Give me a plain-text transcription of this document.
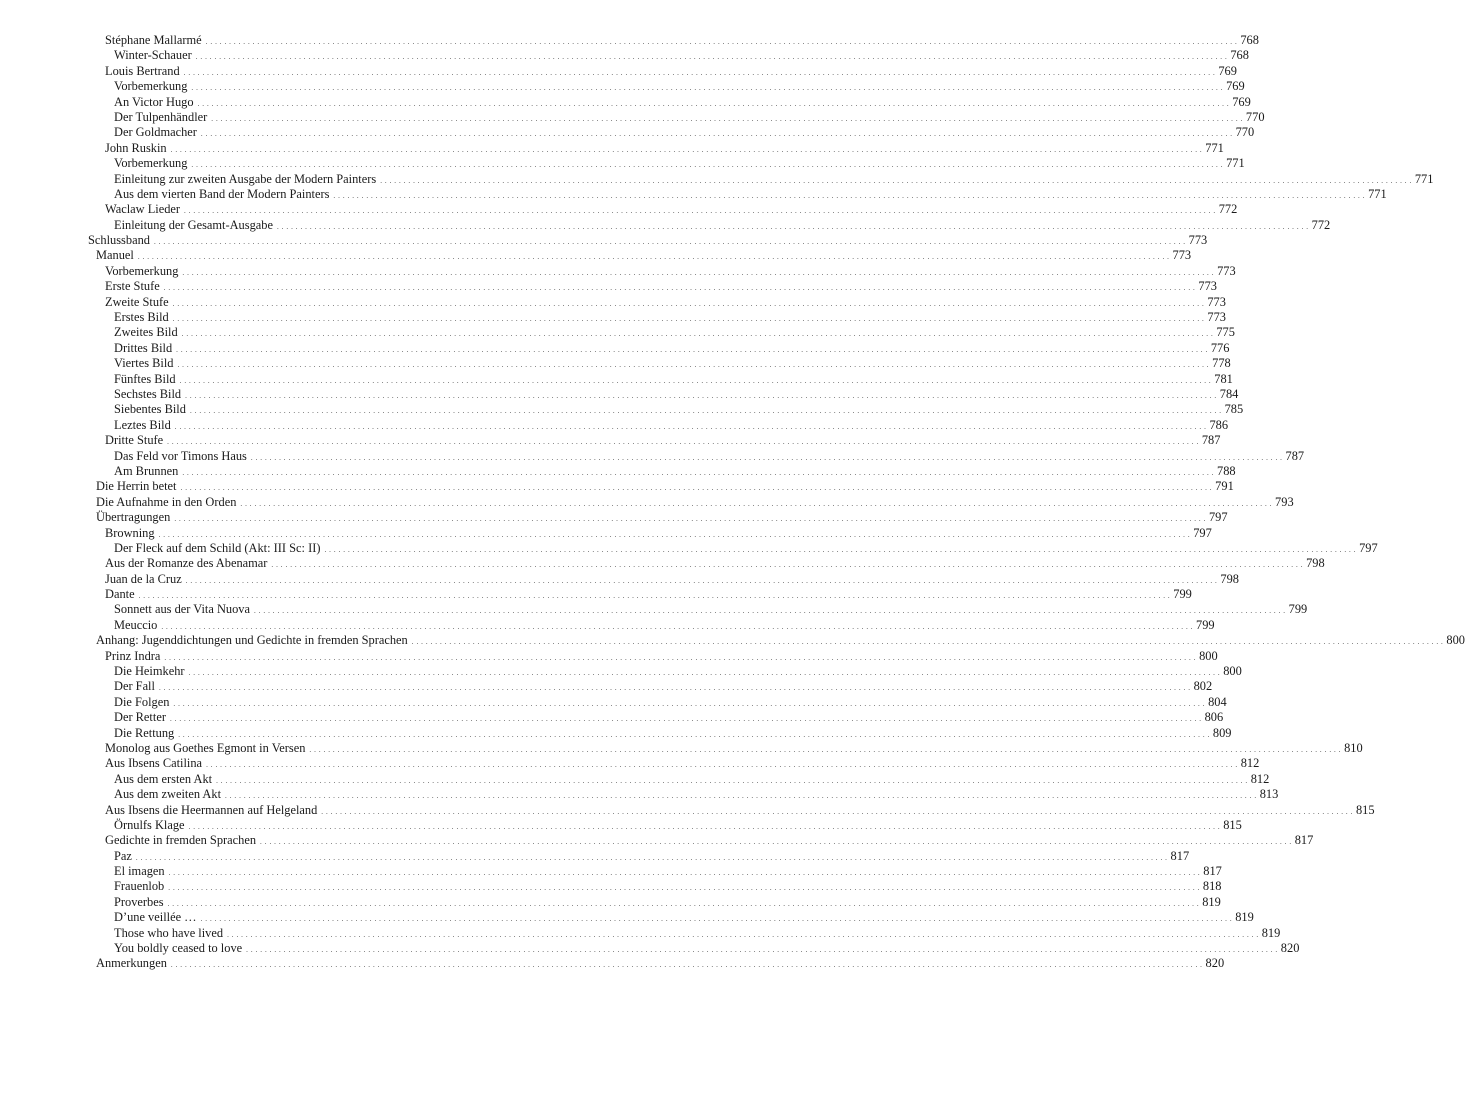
Stéphane Mallarmé . . . . . . . . . . . . . . . . . . . . . . . . . . . . . . . . . . . . . . . . . . . . . . . . . . . . . . . . . . . . . . . . . . . . . . . . . . . . . . . . . . . . . . . . . . . . . . . . . . . . . . . . . . . . . . . . . . . . . . . . . . . . . . . . . . . . . . . . . . . . . . . . . . . . . . . . . . . . . . . . . . . . . . . . . . . . . . . . . . . . . . . . . . . . . . . . . . . . . . . . . . . . . . . . . . . . . . . . . . . . 768
Winter-Schauer . . . . . . . . . . . . . . . . . . . . . . . . . . . . . . . . . . . . . . . . . . . . . . . . . . . . . . . . . . . . . . . . . . . . . . . . . . . . . . . . . . . . . . . . . . . . . . . . . . . . . . . . . . . . . . . . . . . . . . . . . . . . . . . . . . . . . . . . . . . . . . . . . . . . . . . . . . . . . . . . . . . . . . . . . . . . . . . . . . . . . . . . . . . . . . . . . . . . . . . . . . . . . . . . . . . . . . . . . . . . 768
Louis Bertrand . . . . . . . . . . . . . . . . . . . . . . . . . . . . . . . . . . . . . . . . . . . . . . . . . . . . . . . . . . . . . . . . . . . . . . . . . . . . . . . . . . . . . . . . . . . . . . . . . . . . . . . . . . . . . . . . . . . . . . . . . . . . . . . . . . . . . . . . . . . . . . . . . . . . . . . . . . . . . . . . . . . . . . . . . . . . . . . . . . . . . . . . . . . . . . . . . . . . . . . . . . . . . . . . . . . . . . . . . . . . 769
Vorbemerkung . . . . . . . . . . . . . . . . . . . . . . . . . . . . . . . . . . . . . . . . . . . . . . . . . . . . . . . . . . . . . . . . . . . . . . . . . . . . . . . . . . . . . . . . . . . . . . . . . . . . . . . . . . . . . . . . . . . . . . . . . . . . . . . . . . . . . . . . . . . . . . . . . . . . . . . . . . . . . . . . . . . . . . . . . . . . . . . . . . . . . . . . . . . . . . . . . . . . . . . . . . . . . . . . . . . . . . . . . . . . 769
An Victor Hugo . . . . . . . . . . . . . . . . . . . . . . . . . . . . . . . . . . . . . . . . . . . . . . . . . . . . . . . . . . . . . . . . . . . . . . . . . . . . . . . . . . . . . . . . . . . . . . . . . . . . . . . . . . . . . . . . . . . . . . . . . . . . . . . . . . . . . . . . . . . . . . . . . . . . . . . . . . . . . . . . . . . . . . . . . . . . . . . . . . . . . . . . . . . . . . . . . . . . . . . . . . . . . . . . . . . . . . . . . . . . 769
Der Tulpenhändler . . . . . . . . . . . . . . . . . . . . . . . . . . . . . . . . . . . . . . . . . . . . . . . . . . . . . . . . . . . . . . . . . . . . . . . . . . . . . . . . . . . . . . . . . . . . . . . . . . . . . . . . . . . . . . . . . . . . . . . . . . . . . . . . . . . . . . . . . . . . . . . . . . . . . . . . . . . . . . . . . . . . . . . . . . . . . . . . . . . . . . . . . . . . . . . . . . . . . . . . . . . . . . . . . . . . . . . . . . . . 770
Der Goldmacher . . . . . . . . . . . . . . . . . . . . . . . . . . . . . . . . . . . . . . . . . . . . . . . . . . . . . . . . . . . . . . . . . . . . . . . . . . . . . . . . . . . . . . . . . . . . . . . . . . . . . . . . . . . . . . . . . . . . . . . . . . . . . . . . . . . . . . . . . . . . . . . . . . . . . . . . . . . . . . . . . . . . . . . . . . . . . . . . . . . . . . . . . . . . . . . . . . . . . . . . . . . . . . . . . . . . . . . . . . . . 770
John Ruskin . . . . . . . . . . . . . . . . . . . . . . . . . . . . . . . . . . . . . . . . . . . . . . . . . . . . . . . . . . . . . . . . . . . . . . . . . . . . . . . . . . . . . . . . . . . . . . . . . . . . . . . . . . . . . . . . . . . . . . . . . . . . . . . . . . . . . . . . . . . . . . . . . . . . . . . . . . . . . . . . . . . . . . . . . . . . . . . . . . . . . . . . . . . . . . . . . . . . . . . . . . . . . . . . . . . . . . . . . . . . 771
Vorbemerkung . . . . . . . . . . . . . . . . . . . . . . . . . . . . . . . . . . . . . . . . . . . . . . . . . . . . . . . . . . . . . . . . . . . . . . . . . . . . . . . . . . . . . . . . . . . . . . . . . . . . . . . . . . . . . . . . . . . . . . . . . . . . . . . . . . . . . . . . . . . . . . . . . . . . . . . . . . . . . . . . . . . . . . . . . . . . . . . . . . . . . . . . . . . . . . . . . . . . . . . . . . . . . . . . . . . . . . . . . . . . 771
Einleitung zur zweiten Ausgabe der Modern Painters . . . . . . . . . . . . . . . . . . . . . . . . . . . . . . . . . . . . . . . . . . . . . . . . . . . . . . . . . . . . . . . . . . . . . . . . . . . . . . . . . . . . . . . . . . . . . . . . . . . . . . . . . . . . . . . . . . . . . . . . . . . . . . . . . . . . . . . . . . . . . . . . . . . . . . . . . . . . . . . . . . . . . . . . . . . . . . . . . . . . . . . . . . . . . . . . . . . . . . . . . . . . . . . . . . . . . . . . . . . . 771
Aus dem vierten Band der Modern Painters . . . . . . . . . . . . . . . . . . . . . . . . . . . . . . . . . . . . . . . . . . . . . . . . . . . . . . . . . . . . . . . . . . . . . . . . . . . . . . . . . . . . . . . . . . . . . . . . . . . . . . . . . . . . . . . . . . . . . . . . . . . . . . . . . . . . . . . . . . . . . . . . . . . . . . . . . . . . . . . . . . . . . . . . . . . . . . . . . . . . . . . . . . . . . . . . . . . . . . . . . . . . . . . . . . . . . . . . . . . . 771
Waclaw Lieder . . . . . . . . . . . . . . . . . . . . . . . . . . . . . . . . . . . . . . . . . . . . . . . . . . . . . . . . . . . . . . . . . . . . . . . . . . . . . . . . . . . . . . . . . . . . . . . . . . . . . . . . . . . . . . . . . . . . . . . . . . . . . . . . . . . . . . . . . . . . . . . . . . . . . . . . . . . . . . . . . . . . . . . . . . . . . . . . . . . . . . . . . . . . . . . . . . . . . . . . . . . . . . . . . . . . . . . . . . . . 772
Einleitung der Gesamt-Ausgabe . . . . . . . . . . . . . . . . . . . . . . . . . . . . . . . . . . . . . . . . . . . . . . . . . . . . . . . . . . . . . . . . . . . . . . . . . . . . . . . . . . . . . . . . . . . . . . . . . . . . . . . . . . . . . . . . . . . . . . . . . . . . . . . . . . . . . . . . . . . . . . . . . . . . . . . . . . . . . . . . . . . . . . . . . . . . . . . . . . . . . . . . . . . . . . . . . . . . . . . . . . . . . . . . . . . . . . . . . . . . 772
Schlussband . . . . . . . . . . . . . . . . . . . . . . . . . . . . . . . . . . . . . . . . . . . . . . . . . . . . . . . . . . . . . . . . . . . . . . . . . . . . . . . . . . . . . . . . . . . . . . . . . . . . . . . . . . . . . . . . . . . . . . . . . . . . . . . . . . . . . . . . . . . . . . . . . . . . . . . . . . . . . . . . . . . . . . . . . . . . . . . . . . . . . . . . . . . . . . . . . . . . . . . . . . . . . . . . . . . . . . . . . . . . 773
Manuel . . . . . . . . . . . . . . . . . . . . . . . . . . . . . . . . . . . . . . . . . . . . . . . . . . . . . . . . . . . . . . . . . . . . . . . . . . . . . . . . . . . . . . . . . . . . . . . . . . . . . . . . . . . . . . . . . . . . . . . . . . . . . . . . . . . . . . . . . . . . . . . . . . . . . . . . . . . . . . . . . . . . . . . . . . . . . . . . . . . . . . . . . . . . . . . . . . . . . . . . . . . . . . . . . . . . . . . . . . . . 773
Vorbemerkung . . . . . . . . . . . . . . . . . . . . . . . . . . . . . . . . . . . . . . . . . . . . . . . . . . . . . . . . . . . . . . . . . . . . . . . . . . . . . . . . . . . . . . . . . . . . . . . . . . . . . . . . . . . . . . . . . . . . . . . . . . . . . . . . . . . . . . . . . . . . . . . . . . . . . . . . . . . . . . . . . . . . . . . . . . . . . . . . . . . . . . . . . . . . . . . . . . . . . . . . . . . . . . . . . . . . . . . . . . . . 773
Erste Stufe . . . . . . . . . . . . . . . . . . . . . . . . . . . . . . . . . . . . . . . . . . . . . . . . . . . . . . . . . . . . . . . . . . . . . . . . . . . . . . . . . . . . . . . . . . . . . . . . . . . . . . . . . . . . . . . . . . . . . . . . . . . . . . . . . . . . . . . . . . . . . . . . . . . . . . . . . . . . . . . . . . . . . . . . . . . . . . . . . . . . . . . . . . . . . . . . . . . . . . . . . . . . . . . . . . . . . . . . . . . . 773
Zweite Stufe . . . . . . . . . . . . . . . . . . . . . . . . . . . . . . . . . . . . . . . . . . . . . . . . . . . . . . . . . . . . . . . . . . . . . . . . . . . . . . . . . . . . . . . . . . . . . . . . . . . . . . . . . . . . . . . . . . . . . . . . . . . . . . . . . . . . . . . . . . . . . . . . . . . . . . . . . . . . . . . . . . . . . . . . . . . . . . . . . . . . . . . . . . . . . . . . . . . . . . . . . . . . . . . . . . . . . . . . . . . . 773
Erstes Bild . . . . . . . . . . . . . . . . . . . . . . . . . . . . . . . . . . . . . . . . . . . . . . . . . . . . . . . . . . . . . . . . . . . . . . . . . . . . . . . . . . . . . . . . . . . . . . . . . . . . . . . . . . . . . . . . . . . . . . . . . . . . . . . . . . . . . . . . . . . . . . . . . . . . . . . . . . . . . . . . . . . . . . . . . . . . . . . . . . . . . . . . . . . . . . . . . . . . . . . . . . . . . . . . . . . . . . . . . . . . 773
Zweites Bild . . . . . . . . . . . . . . . . . . . . . . . . . . . . . . . . . . . . . . . . . . . . . . . . . . . . . . . . . . . . . . . . . . . . . . . . . . . . . . . . . . . . . . . . . . . . . . . . . . . . . . . . . . . . . . . . . . . . . . . . . . . . . . . . . . . . . . . . . . . . . . . . . . . . . . . . . . . . . . . . . . . . . . . . . . . . . . . . . . . . . . . . . . . . . . . . . . . . . . . . . . . . . . . . . . . . . . . . . . . . 775
Drittes Bild . . . . . . . . . . . . . . . . . . . . . . . . . . . . . . . . . . . . . . . . . . . . . . . . . . . . . . . . . . . . . . . . . . . . . . . . . . . . . . . . . . . . . . . . . . . . . . . . . . . . . . . . . . . . . . . . . . . . . . . . . . . . . . . . . . . . . . . . . . . . . . . . . . . . . . . . . . . . . . . . . . . . . . . . . . . . . . . . . . . . . . . . . . . . . . . . . . . . . . . . . . . . . . . . . . . . . . . . . . . . 776
Viertes Bild . . . . . . . . . . . . . . . . . . . . . . . . . . . . . . . . . . . . . . . . . . . . . . . . . . . . . . . . . . . . . . . . . . . . . . . . . . . . . . . . . . . . . . . . . . . . . . . . . . . . . . . . . . . . . . . . . . . . . . . . . . . . . . . . . . . . . . . . . . . . . . . . . . . . . . . . . . . . . . . . . . . . . . . . . . . . . . . . . . . . . . . . . . . . . . . . . . . . . . . . . . . . . . . . . . . . . . . . . . . . 778
Fünftes Bild . . . . . . . . . . . . . . . . . . . . . . . . . . . . . . . . . . . . . . . . . . . . . . . . . . . . . . . . . . . . . . . . . . . . . . . . . . . . . . . . . . . . . . . . . . . . . . . . . . . . . . . . . . . . . . . . . . . . . . . . . . . . . . . . . . . . . . . . . . . . . . . . . . . . . . . . . . . . . . . . . . . . . . . . . . . . . . . . . . . . . . . . . . . . . . . . . . . . . . . . . . . . . . . . . . . . . . . . . . . . 781
Sechstes Bild . . . . . . . . . . . . . . . . . . . . . . . . . . . . . . . . . . . . . . . . . . . . . . . . . . . . . . . . . . . . . . . . . . . . . . . . . . . . . . . . . . . . . . . . . . . . . . . . . . . . . . . . . . . . . . . . . . . . . . . . . . . . . . . . . . . . . . . . . . . . . . . . . . . . . . . . . . . . . . . . . . . . . . . . . . . . . . . . . . . . . . . . . . . . . . . . . . . . . . . . . . . . . . . . . . . . . . . . . . . . 784
Siebentes Bild . . . . . . . . . . . . . . . . . . . . . . . . . . . . . . . . . . . . . . . . . . . . . . . . . . . . . . . . . . . . . . . . . . . . . . . . . . . . . . . . . . . . . . . . . . . . . . . . . . . . . . . . . . . . . . . . . . . . . . . . . . . . . . . . . . . . . . . . . . . . . . . . . . . . . . . . . . . . . . . . . . . . . . . . . . . . . . . . . . . . . . . . . . . . . . . . . . . . . . . . . . . . . . . . . . . . . . . . . . . . 785
Leztes Bild . . . . . . . . . . . . . . . . . . . . . . . . . . . . . . . . . . . . . . . . . . . . . . . . . . . . . . . . . . . . . . . . . . . . . . . . . . . . . . . . . . . . . . . . . . . . . . . . . . . . . . . . . . . . . . . . . . . . . . . . . . . . . . . . . . . . . . . . . . . . . . . . . . . . . . . . . . . . . . . . . . . . . . . . . . . . . . . . . . . . . . . . . . . . . . . . . . . . . . . . . . . . . . . . . . . . . . . . . . . . 786
Dritte Stufe . . . . . . . . . . . . . . . . . . . . . . . . . . . . . . . . . . . . . . . . . . . . . . . . . . . . . . . . . . . . . . . . . . . . . . . . . . . . . . . . . . . . . . . . . . . . . . . . . . . . . . . . . . . . . . . . . . . . . . . . . . . . . . . . . . . . . . . . . . . . . . . . . . . . . . . . . . . . . . . . . . . . . . . . . . . . . . . . . . . . . . . . . . . . . . . . . . . . . . . . . . . . . . . . . . . . . . . . . . . . 787
Das Feld vor Timons Haus . . . . . . . . . . . . . . . . . . . . . . . . . . . . . . . . . . . . . . . . . . . . . . . . . . . . . . . . . . . . . . . . . . . . . . . . . . . . . . . . . . . . . . . . . . . . . . . . . . . . . . . . . . . . . . . . . . . . . . . . . . . . . . . . . . . . . . . . . . . . . . . . . . . . . . . . . . . . . . . . . . . . . . . . . . . . . . . . . . . . . . . . . . . . . . . . . . . . . . . . . . . . . . . . . . . . . . . . . . . . 787
Am Brunnen . . . . . . . . . . . . . . . . . . . . . . . . . . . . . . . . . . . . . . . . . . . . . . . . . . . . . . . . . . . . . . . . . . . . . . . . . . . . . . . . . . . . . . . . . . . . . . . . . . . . . . . . . . . . . . . . . . . . . . . . . . . . . . . . . . . . . . . . . . . . . . . . . . . . . . . . . . . . . . . . . . . . . . . . . . . . . . . . . . . . . . . . . . . . . . . . . . . . . . . . . . . . . . . . . . . . . . . . . . . . 788
Die Herrin betet . . . . . . . . . . . . . . . . . . . . . . . . . . . . . . . . . . . . . . . . . . . . . . . . . . . . . . . . . . . . . . . . . . . . . . . . . . . . . . . . . . . . . . . . . . . . . . . . . . . . . . . . . . . . . . . . . . . . . . . . . . . . . . . . . . . . . . . . . . . . . . . . . . . . . . . . . . . . . . . . . . . . . . . . . . . . . . . . . . . . . . . . . . . . . . . . . . . . . . . . . . . . . . . . . . . . . . . . . . . . 791
Die Aufnahme in den Orden . . . . . . . . . . . . . . . . . . . . . . . . . . . . . . . . . . . . . . . . . . . . . . . . . . . . . . . . . . . . . . . . . . . . . . . . . . . . . . . . . . . . . . . . . . . . . . . . . . . . . . . . . . . . . . . . . . . . . . . . . . . . . . . . . . . . . . . . . . . . . . . . . . . . . . . . . . . . . . . . . . . . . . . . . . . . . . . . . . . . . . . . . . . . . . . . . . . . . . . . . . . . . . . . . . . . . . . . . . . . 793
Übertragungen . . . . . . . . . . . . . . . . . . . . . . . . . . . . . . . . . . . . . . . . . . . . . . . . . . . . . . . . . . . . . . . . . . . . . . . . . . . . . . . . . . . . . . . . . . . . . . . . . . . . . . . . . . . . . . . . . . . . . . . . . . . . . . . . . . . . . . . . . . . . . . . . . . . . . . . . . . . . . . . . . . . . . . . . . . . . . . . . . . . . . . . . . . . . . . . . . . . . . . . . . . . . . . . . . . . . . . . . . . . . 797
Browning . . . . . . . . . . . . . . . . . . . . . . . . . . . . . . . . . . . . . . . . . . . . . . . . . . . . . . . . . . . . . . . . . . . . . . . . . . . . . . . . . . . . . . . . . . . . . . . . . . . . . . . . . . . . . . . . . . . . . . . . . . . . . . . . . . . . . . . . . . . . . . . . . . . . . . . . . . . . . . . . . . . . . . . . . . . . . . . . . . . . . . . . . . . . . . . . . . . . . . . . . . . . . . . . . . . . . . . . . . . . 797
Der Fleck auf dem Schild (Akt: III Sc: II) . . . . . . . . . . . . . . . . . . . . . . . . . . . . . . . . . . . . . . . . . . . . . . . . . . . . . . . . . . . . . . . . . . . . . . . . . . . . . . . . . . . . . . . . . . . . . . . . . . . . . . . . . . . . . . . . . . . . . . . . . . . . . . . . . . . . . . . . . . . . . . . . . . . . . . . . . . . . . . . . . . . . . . . . . . . . . . . . . . . . . . . . . . . . . . . . . . . . . . . . . . . . . . . . . . . . . . . . . . . . 797
Aus der Romanze des Abenamar . . . . . . . . . . . . . . . . . . . . . . . . . . . . . . . . . . . . . . . . . . . . . . . . . . . . . . . . . . . . . . . . . . . . . . . . . . . . . . . . . . . . . . . . . . . . . . . . . . . . . . . . . . . . . . . . . . . . . . . . . . . . . . . . . . . . . . . . . . . . . . . . . . . . . . . . . . . . . . . . . . . . . . . . . . . . . . . . . . . . . . . . . . . . . . . . . . . . . . . . . . . . . . . . . . . . . . . . . . . . 798
Juan de la Cruz . . . . . . . . . . . . . . . . . . . . . . . . . . . . . . . . . . . . . . . . . . . . . . . . . . . . . . . . . . . . . . . . . . . . . . . . . . . . . . . . . . . . . . . . . . . . . . . . . . . . . . . . . . . . . . . . . . . . . . . . . . . . . . . . . . . . . . . . . . . . . . . . . . . . . . . . . . . . . . . . . . . . . . . . . . . . . . . . . . . . . . . . . . . . . . . . . . . . . . . . . . . . . . . . . . . . . . . . . . . . 798
Dante . . . . . . . . . . . . . . . . . . . . . . . . . . . . . . . . . . . . . . . . . . . . . . . . . . . . . . . . . . . . . . . . . . . . . . . . . . . . . . . . . . . . . . . . . . . . . . . . . . . . . . . . . . . . . . . . . . . . . . . . . . . . . . . . . . . . . . . . . . . . . . . . . . . . . . . . . . . . . . . . . . . . . . . . . . . . . . . . . . . . . . . . . . . . . . . . . . . . . . . . . . . . . . . . . . . . . . . . . . . . 799
Sonnett aus der Vita Nuova . . . . . . . . . . . . . . . . . . . . . . . . . . . . . . . . . . . . . . . . . . . . . . . . . . . . . . . . . . . . . . . . . . . . . . . . . . . . . . . . . . . . . . . . . . . . . . . . . . . . . . . . . . . . . . . . . . . . . . . . . . . . . . . . . . . . . . . . . . . . . . . . . . . . . . . . . . . . . . . . . . . . . . . . . . . . . . . . . . . . . . . . . . . . . . . . . . . . . . . . . . . . . . . . . . . . . . . . . . . . 799
Meuccio . . . . . . . . . . . . . . . . . . . . . . . . . . . . . . . . . . . . . . . . . . . . . . . . . . . . . . . . . . . . . . . . . . . . . . . . . . . . . . . . . . . . . . . . . . . . . . . . . . . . . . . . . . . . . . . . . . . . . . . . . . . . . . . . . . . . . . . . . . . . . . . . . . . . . . . . . . . . . . . . . . . . . . . . . . . . . . . . . . . . . . . . . . . . . . . . . . . . . . . . . . . . . . . . . . . . . . . . . . . . 799
Anhang: Jugenddichtungen und Gedichte in fremden Sprachen . . . . . . . . . . . . . . . . . . . . . . . . . . . . . . . . . . . . . . . . . . . . . . . . . . . . . . . . . . . . . . . . . . . . . . . . . . . . . . . . . . . . . . . . . . . . . . . . . . . . . . . . . . . . . . . . . . . . . . . . . . . . . . . . . . . . . . . . . . . . . . . . . . . . . . . . . . . . . . . . . . . . . . . . . . . . . . . . . . . . . . . . . . . . . . . . . . . . . . . . . . . . . . . . . . . . . . . . . . . . 800
Prinz Indra . . . . . . . . . . . . . . . . . . . . . . . . . . . . . . . . . . . . . . . . . . . . . . . . . . . . . . . . . . . . . . . . . . . . . . . . . . . . . . . . . . . . . . . . . . . . . . . . . . . . . . . . . . . . . . . . . . . . . . . . . . . . . . . . . . . . . . . . . . . . . . . . . . . . . . . . . . . . . . . . . . . . . . . . . . . . . . . . . . . . . . . . . . . . . . . . . . . . . . . . . . . . . . . . . . . . . . . . . . . . 800
Die Heimkehr . . . . . . . . . . . . . . . . . . . . . . . . . . . . . . . . . . . . . . . . . . . . . . . . . . . . . . . . . . . . . . . . . . . . . . . . . . . . . . . . . . . . . . . . . . . . . . . . . . . . . . . . . . . . . . . . . . . . . . . . . . . . . . . . . . . . . . . . . . . . . . . . . . . . . . . . . . . . . . . . . . . . . . . . . . . . . . . . . . . . . . . . . . . . . . . . . . . . . . . . . . . . . . . . . . . . . . . . . . . . 800
Der Fall . . . . . . . . . . . . . . . . . . . . . . . . . . . . . . . . . . . . . . . . . . . . . . . . . . . . . . . . . . . . . . . . . . . . . . . . . . . . . . . . . . . . . . . . . . . . . . . . . . . . . . . . . . . . . . . . . . . . . . . . . . . . . . . . . . . . . . . . . . . . . . . . . . . . . . . . . . . . . . . . . . . . . . . . . . . . . . . . . . . . . . . . . . . . . . . . . . . . . . . . . . . . . . . . . . . . . . . . . . . . 802
Die Folgen . . . . . . . . . . . . . . . . . . . . . . . . . . . . . . . . . . . . . . . . . . . . . . . . . . . . . . . . . . . . . . . . . . . . . . . . . . . . . . . . . . . . . . . . . . . . . . . . . . . . . . . . . . . . . . . . . . . . . . . . . . . . . . . . . . . . . . . . . . . . . . . . . . . . . . . . . . . . . . . . . . . . . . . . . . . . . . . . . . . . . . . . . . . . . . . . . . . . . . . . . . . . . . . . . . . . . . . . . . . . 804
Der Retter . . . . . . . . . . . . . . . . . . . . . . . . . . . . . . . . . . . . . . . . . . . . . . . . . . . . . . . . . . . . . . . . . . . . . . . . . . . . . . . . . . . . . . . . . . . . . . . . . . . . . . . . . . . . . . . . . . . . . . . . . . . . . . . . . . . . . . . . . . . . . . . . . . . . . . . . . . . . . . . . . . . . . . . . . . . . . . . . . . . . . . . . . . . . . . . . . . . . . . . . . . . . . . . . . . . . . . . . . . . . 806
Die Rettung . . . . . . . . . . . . . . . . . . . . . . . . . . . . . . . . . . . . . . . . . . . . . . . . . . . . . . . . . . . . . . . . . . . . . . . . . . . . . . . . . . . . . . . . . . . . . . . . . . . . . . . . . . . . . . . . . . . . . . . . . . . . . . . . . . . . . . . . . . . . . . . . . . . . . . . . . . . . . . . . . . . . . . . . . . . . . . . . . . . . . . . . . . . . . . . . . . . . . . . . . . . . . . . . . . . . . . . . . . . . 809
Monolog aus Goethes Egmont in Versen . . . . . . . . . . . . . . . . . . . . . . . . . . . . . . . . . . . . . . . . . . . . . . . . . . . . . . . . . . . . . . . . . . . . . . . . . . . . . . . . . . . . . . . . . . . . . . . . . . . . . . . . . . . . . . . . . . . . . . . . . . . . . . . . . . . . . . . . . . . . . . . . . . . . . . . . . . . . . . . . . . . . . . . . . . . . . . . . . . . . . . . . . . . . . . . . . . . . . . . . . . . . . . . . . . . . . . . . . . . . 810
Aus Ibsens Catilina . . . . . . . . . . . . . . . . . . . . . . . . . . . . . . . . . . . . . . . . . . . . . . . . . . . . . . . . . . . . . . . . . . . . . . . . . . . . . . . . . . . . . . . . . . . . . . . . . . . . . . . . . . . . . . . . . . . . . . . . . . . . . . . . . . . . . . . . . . . . . . . . . . . . . . . . . . . . . . . . . . . . . . . . . . . . . . . . . . . . . . . . . . . . . . . . . . . . . . . . . . . . . . . . . . . . . . . . . . . . 812
Aus dem ersten Akt . . . . . . . . . . . . . . . . . . . . . . . . . . . . . . . . . . . . . . . . . . . . . . . . . . . . . . . . . . . . . . . . . . . . . . . . . . . . . . . . . . . . . . . . . . . . . . . . . . . . . . . . . . . . . . . . . . . . . . . . . . . . . . . . . . . . . . . . . . . . . . . . . . . . . . . . . . . . . . . . . . . . . . . . . . . . . . . . . . . . . . . . . . . . . . . . . . . . . . . . . . . . . . . . . . . . . . . . . . . . 812
Aus dem zweiten Akt . . . . . . . . . . . . . . . . . . . . . . . . . . . . . . . . . . . . . . . . . . . . . . . . . . . . . . . . . . . . . . . . . . . . . . . . . . . . . . . . . . . . . . . . . . . . . . . . . . . . . . . . . . . . . . . . . . . . . . . . . . . . . . . . . . . . . . . . . . . . . . . . . . . . . . . . . . . . . . . . . . . . . . . . . . . . . . . . . . . . . . . . . . . . . . . . . . . . . . . . . . . . . . . . . . . . . . . . . . . . 813
Aus Ibsens die Heermannen auf Helgeland . . . . . . . . . . . . . . . . . . . . . . . . . . . . . . . . . . . . . . . . . . . . . . . . . . . . . . . . . . . . . . . . . . . . . . . . . . . . . . . . . . . . . . . . . . . . . . . . . . . . . . . . . . . . . . . . . . . . . . . . . . . . . . . . . . . . . . . . . . . . . . . . . . . . . . . . . . . . . . . . . . . . . . . . . . . . . . . . . . . . . . . . . . . . . . . . . . . . . . . . . . . . . . . . . . . . . . . . . . . . 815
Örnulfs Klage . . . . . . . . . . . . . . . . . . . . . . . . . . . . . . . . . . . . . . . . . . . . . . . . . . . . . . . . . . . . . . . . . . . . . . . . . . . . . . . . . . . . . . . . . . . . . . . . . . . . . . . . . . . . . . . . . . . . . . . . . . . . . . . . . . . . . . . . . . . . . . . . . . . . . . . . . . . . . . . . . . . . . . . . . . . . . . . . . . . . . . . . . . . . . . . . . . . . . . . . . . . . . . . . . . . . . . . . . . . . 815
Gedichte in fremden Sprachen . . . . . . . . . . . . . . . . . . . . . . . . . . . . . . . . . . . . . . . . . . . . . . . . . . . . . . . . . . . . . . . . . . . . . . . . . . . . . . . . . . . . . . . . . . . . . . . . . . . . . . . . . . . . . . . . . . . . . . . . . . . . . . . . . . . . . . . . . . . . . . . . . . . . . . . . . . . . . . . . . . . . . . . . . . . . . . . . . . . . . . . . . . . . . . . . . . . . . . . . . . . . . . . . . . . . . . . . . . . . 817
Paz . . . . . . . . . . . . . . . . . . . . . . . . . . . . . . . . . . . . . . . . . . . . . . . . . . . . . . . . . . . . . . . . . . . . . . . . . . . . . . . . . . . . . . . . . . . . . . . . . . . . . . . . . . . . . . . . . . . . . . . . . . . . . . . . . . . . . . . . . . . . . . . . . . . . . . . . . . . . . . . . . . . . . . . . . . . . . . . . . . . . . . . . . . . . . . . . . . . . . . . . . . . . . . . . . . . . . . . . . . . . 817
El imagen . . . . . . . . . . . . . . . . . . . . . . . . . . . . . . . . . . . . . . . . . . . . . . . . . . . . . . . . . . . . . . . . . . . . . . . . . . . . . . . . . . . . . . . . . . . . . . . . . . . . . . . . . . . . . . . . . . . . . . . . . . . . . . . . . . . . . . . . . . . . . . . . . . . . . . . . . . . . . . . . . . . . . . . . . . . . . . . . . . . . . . . . . . . . . . . . . . . . . . . . . . . . . . . . . . . . . . . . . . . . 817
Frauenlob . . . . . . . . . . . . . . . . . . . . . . . . . . . . . . . . . . . . . . . . . . . . . . . . . . . . . . . . . . . . . . . . . . . . . . . . . . . . . . . . . . . . . . . . . . . . . . . . . . . . . . . . . . . . . . . . . . . . . . . . . . . . . . . . . . . . . . . . . . . . . . . . . . . . . . . . . . . . . . . . . . . . . . . . . . . . . . . . . . . . . . . . . . . . . . . . . . . . . . . . . . . . . . . . . . . . . . . . . . . . 818
Proverbes . . . . . . . . . . . . . . . . . . . . . . . . . . . . . . . . . . . . . . . . . . . . . . . . . . . . . . . . . . . . . . . . . . . . . . . . . . . . . . . . . . . . . . . . . . . . . . . . . . . . . . . . . . . . . . . . . . . . . . . . . . . . . . . . . . . . . . . . . . . . . . . . . . . . . . . . . . . . . . . . . . . . . . . . . . . . . . . . . . . . . . . . . . . . . . . . . . . . . . . . . . . . . . . . . . . . . . . . . . . . 819
D’une veillée … . . . . . . . . . . . . . . . . . . . . . . . . . . . . . . . . . . . . . . . . . . . . . . . . . . . . . . . . . . . . . . . . . . . . . . . . . . . . . . . . . . . . . . . . . . . . . . . . . . . . . . . . . . . . . . . . . . . . . . . . . . . . . . . . . . . . . . . . . . . . . . . . . . . . . . . . . . . . . . . . . . . . . . . . . . . . . . . . . . . . . . . . . . . . . . . . . . . . . . . . . . . . . . . . . . . . . . . . . . . . 819
Those who have lived . . . . . . . . . . . . . . . . . . . . . . . . . . . . . . . . . . . . . . . . . . . . . . . . . . . . . . . . . . . . . . . . . . . . . . . . . . . . . . . . . . . . . . . . . . . . . . . . . . . . . . . . . . . . . . . . . . . . . . . . . . . . . . . . . . . . . . . . . . . . . . . . . . . . . . . . . . . . . . . . . . . . . . . . . . . . . . . . . . . . . . . . . . . . . . . . . . . . . . . . . . . . . . . . . . . . . . . . . . . . 819
You boldly ceased to love . . . . . . . . . . . . . . . . . . . . . . . . . . . . . . . . . . . . . . . . . . . . . . . . . . . . . . . . . . . . . . . . . . . . . . . . . . . . . . . . . . . . . . . . . . . . . . . . . . . . . . . . . . . . . . . . . . . . . . . . . . . . . . . . . . . . . . . . . . . . . . . . . . . . . . . . . . . . . . . . . . . . . . . . . . . . . . . . . . . . . . . . . . . . . . . . . . . . . . . . . . . . . . . . . . . . . . . . . . . . 820
Anmerkungen . . . . . . . . . . . . . . . . . . . . . . . . . . . . . . . . . . . . . . . . . . . . . . . . . . . . . . . . . . . . . . . . . . . . . . . . . . . . . . . . . . . . . . . . . . . . . . . . . . . . . . . . . . . . . . . . . . . . . . . . . . . . . . . . . . . . . . . . . . . . . . . . . . . . . . . . . . . . . . . . . . . . . . . . . . . . . . . . . . . . . . . . . . . . . . . . . . . . . . . . . . . . . . . . . . . . . . . . . . . . 820
